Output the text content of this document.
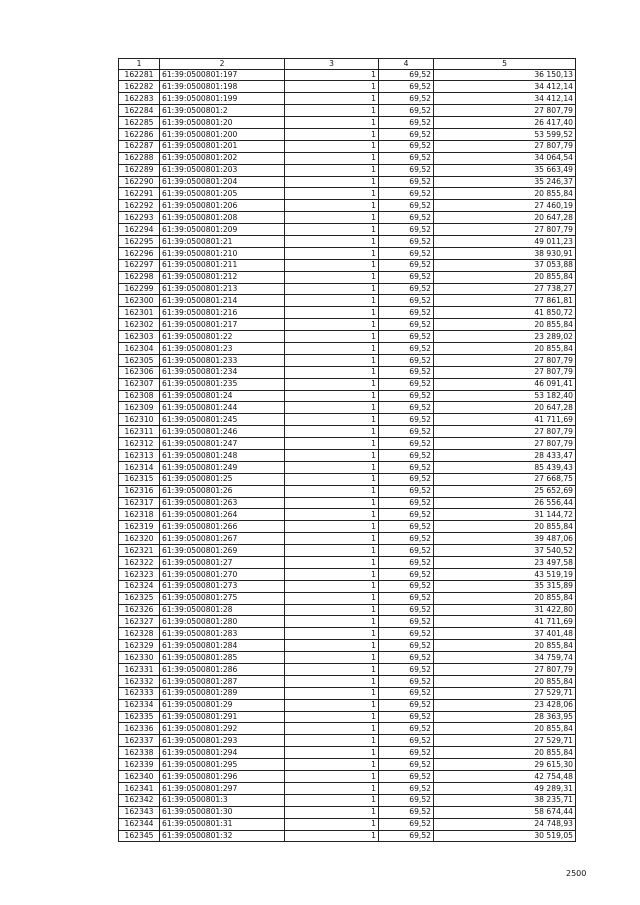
1	2	3	4	5
162281	61:39:0500801:197	1	69,52	36 150,13
162282	61:39:0500801:198	1	69,52	34 412,14
162283	61:39:0500801:199	1	69,52	34 412,14
162284	61:39:0500801:2	1	69,52	27 807,79
162285	61:39:0500801:20	1	69,52	26 417,40
162286	61:39:0500801:200	1	69,52	53 599,52
162287	61:39:0500801:201	1	69,52	27 807,79
162288	61:39:0500801:202	1	69,52	34 064,54
162289	61:39:0500801:203	1	69,52	35 663,49
162290	61:39:0500801:204	1	69,52	35 246,37
162291	61:39:0500801:205	1	69,52	20 855,84
162292	61:39:0500801:206	1	69,52	27 460,19
162293	61:39:0500801:208	1	69,52	20 647,28
162294	61:39:0500801:209	1	69,52	27 807,79
162295	61:39:0500801:21	1	69,52	49 011,23
162296	61:39:0500801:210	1	69,52	38 930,91
162297	61:39:0500801:211	1	69,52	37 053,88
162298	61:39:0500801:212	1	69,52	20 855,84
162299	61:39:0500801:213	1	69,52	27 738,27
162300	61:39:0500801:214	1	69,52	77 861,81
162301	61:39:0500801:216	1	69,52	41 850,72
162302	61:39:0500801:217	1	69,52	20 855,84
162303	61:39:0500801:22	1	69,52	23 289,02
162304	61:39:0500801:23	1	69,52	20 855,84
162305	61:39:0500801:233	1	69,52	27 807,79
162306	61:39:0500801:234	1	69,52	27 807,79
162307	61:39:0500801:235	1	69,52	46 091,41
162308	61:39:0500801:24	1	69,52	53 182,40
162309	61:39:0500801:244	1	69,52	20 647,28
162310	61:39:0500801:245	1	69,52	41 711,69
162311	61:39:0500801:246	1	69,52	27 807,79
162312	61:39:0500801:247	1	69,52	27 807,79
162313	61:39:0500801:248	1	69,52	28 433,47
162314	61:39:0500801:249	1	69,52	85 439,43
162315	61:39:0500801:25	1	69,52	27 668,75
162316	61:39:0500801:26	1	69,52	25 652,69
162317	61:39:0500801:263	1	69,52	26 556,44
162318	61:39:0500801:264	1	69,52	31 144,72
162319	61:39:0500801:266	1	69,52	20 855,84
162320	61:39:0500801:267	1	69,52	39 487,06
162321	61:39:0500801:269	1	69,52	37 540,52
162322	61:39:0500801:27	1	69,52	23 497,58
162323	61:39:0500801:270	1	69,52	43 519,19
162324	61:39:0500801:273	1	69,52	35 315,89
162325	61:39:0500801:275	1	69,52	20 855,84
162326	61:39:0500801:28	1	69,52	31 422,80
162327	61:39:0500801:280	1	69,52	41 711,69
162328	61:39:0500801:283	1	69,52	37 401,48
162329	61:39:0500801:284	1	69,52	20 855,84
162330	61:39:0500801:285	1	69,52	34 759,74
162331	61:39:0500801:286	1	69,52	27 807,79
162332	61:39:0500801:287	1	69,52	20 855,84
162333	61:39:0500801:289	1	69,52	27 529,71
162334	61:39:0500801:29	1	69,52	23 428,06
162335	61:39:0500801:291	1	69,52	28 363,95
162336	61:39:0500801:292	1	69,52	20 855,84
162337	61:39:0500801:293	1	69,52	27 529,71
162338	61:39:0500801:294	1	69,52	20 855,84
162339	61:39:0500801:295	1	69,52	29 615,30
162340	61:39:0500801:296	1	69,52	42 754,48
162341	61:39:0500801:297	1	69,52	49 289,31
162342	61:39:0500801:3	1	69,52	38 235,71
162343	61:39:0500801:30	1	69,52	58 674,44
162344	61:39:0500801:31	1	69,52	24 748,93
162345	61:39:0500801:32	1	69,52	30 519,05
2500
